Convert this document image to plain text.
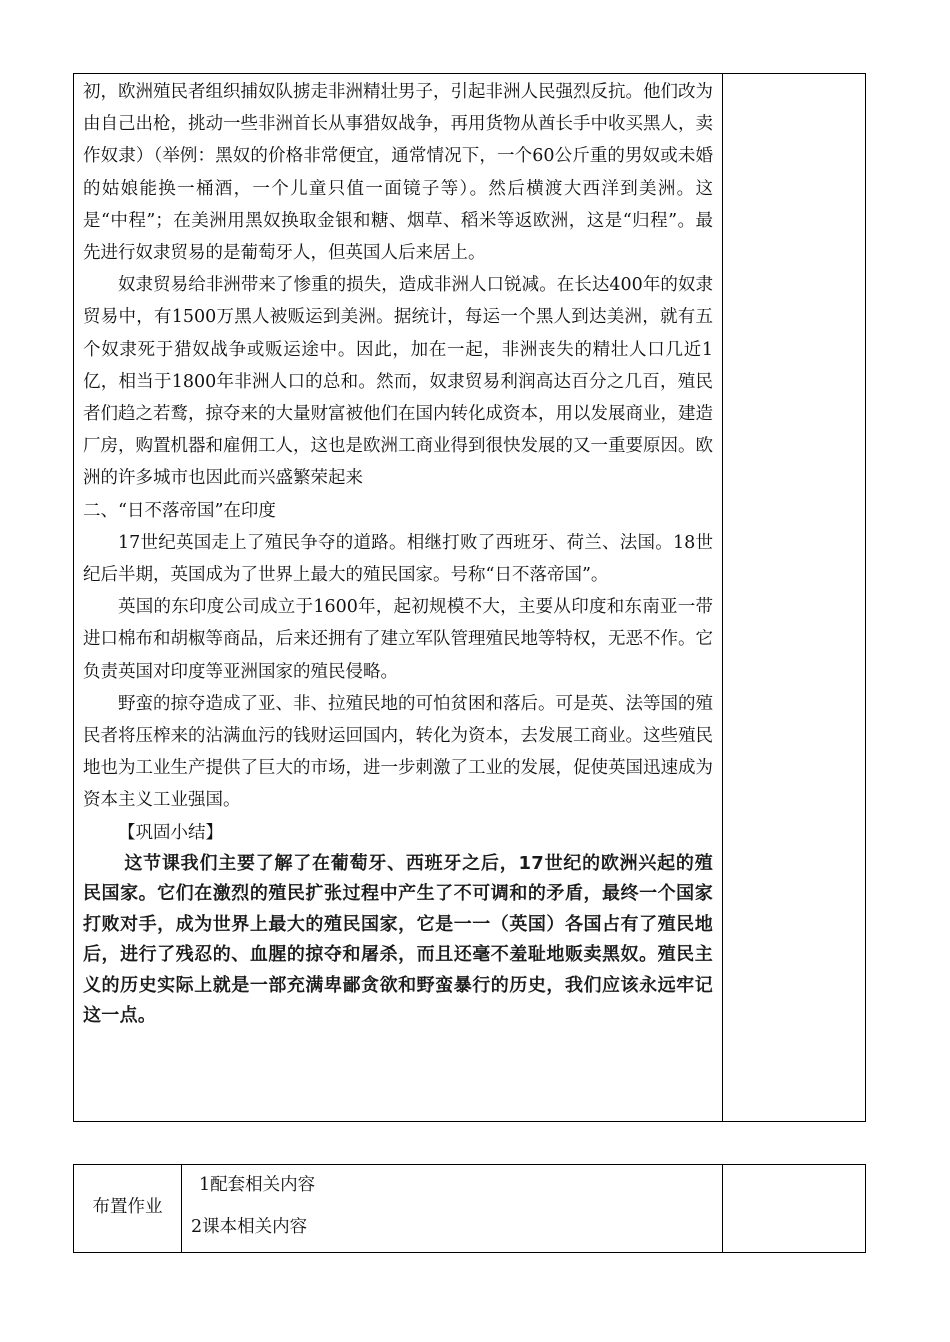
初，欧洲殖民者组织捕奴队掳走非洲精壮男子，引起非洲人民强烈反抗。他们改为由自己出枪，挑动一些非洲首长从事猎奴战争，再用货物从酋长手中收买黑人，卖作奴隶）（举例：黑奴的价格非常便宜，通常情况下，一个60公斤重的男奴或未婚的姑娘能换一桶酒，一个儿童只值一面镜子等）。然后横渡大西洋到美洲。这是“中程”；在美洲用黑奴换取金银和糖、烟草、稻米等返欧洲，这是“归程”。最先进行奴隶贸易的是葡萄牙人，但英国人后来居上。

奴隶贸易给非洲带来了惨重的损失，造成非洲人口锐减。在长达400年的奴隶贸易中，有1500万黑人被贩运到美洲。据统计，每运一个黑人到达美洲，就有五个奴隶死于猎奴战争或贩运途中。因此，加在一起，非洲丧失的精壮人口几近1亿，相当于1800年非洲人口的总和。然而，奴隶贸易利润高达百分之几百，殖民者们趋之若鹜，掠夺来的大量财富被他们在国内转化成资本，用以发展商业，建造厂房，购置机器和雇佣工人，这也是欧洲工商业得到很快发展的又一重要原因。欧洲的许多城市也因此而兴盛繁荣起来

二、“日不落帝国”在印度

17世纪英国走上了殖民争夺的道路。相继打败了西班牙、荷兰、法国。18世纪后半期，英国成为了世界上最大的殖民国家。号称“日不落帝国”。

英国的东印度公司成立于1600年，起初规模不大，主要从印度和东南亚一带进口棉布和胡椒等商品，后来还拥有了建立军队管理殖民地等特权，无恶不作。它负责英国对印度等亚洲国家的殖民侵略。

野蛮的掠夺造成了亚、非、拉殖民地的可怕贫困和落后。可是英、法等国的殖民者将压榨来的沾满血污的钱财运回国内，转化为资本，去发展工商业。这些殖民地也为工业生产提供了巨大的市场，进一步刺激了工业的发展，促使英国迅速成为资本主义工业强国。

【巩固小结】

这节课我们主要了解了在葡萄牙、西班牙之后，17世纪的欧洲兴起的殖民国家。它们在激烈的殖民扩张过程中产生了不可调和的矛盾，最终一个国家打败对手，成为世界上最大的殖民国家，它是一一（英国）各国占有了殖民地后，进行了残忍的、血腥的掠夺和屠杀，而且还毫不羞耻地贩卖黑奴。殖民主义的历史实际上就是一部充满卑鄙贪欲和野蛮暴行的历史，我们应该永远牢记这一点。

布置作业
1配套相关内容
2课本相关内容
